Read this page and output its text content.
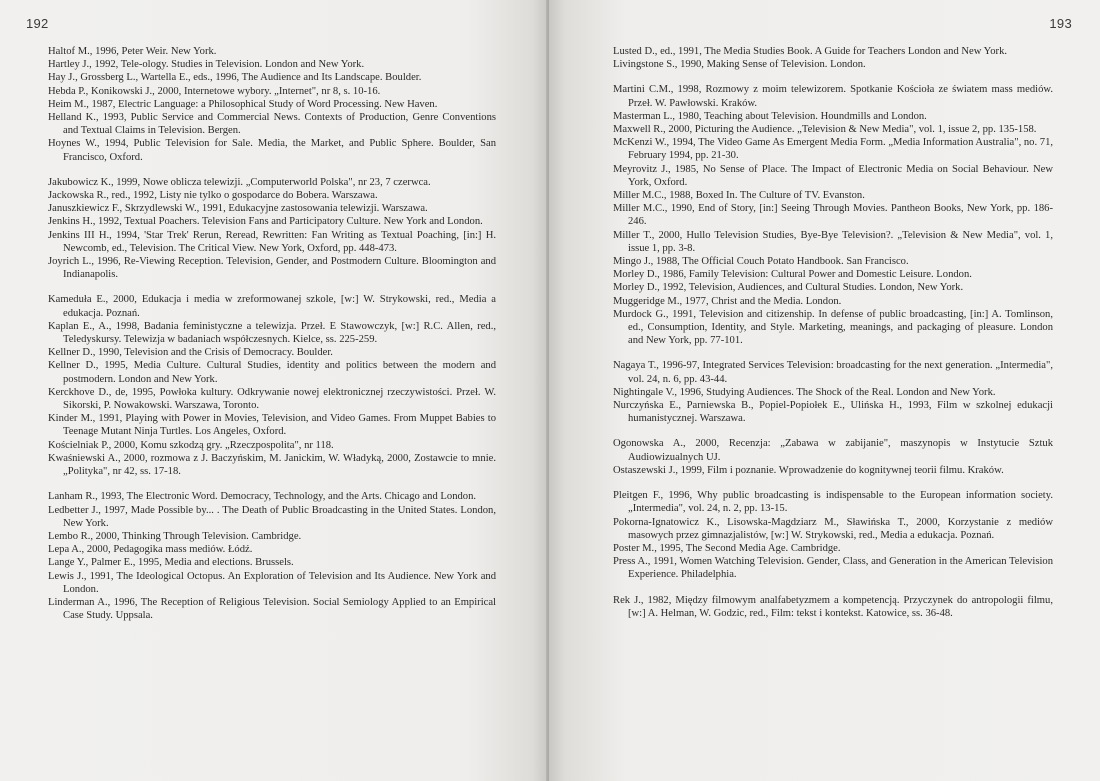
192

Haltof M., 1996, Peter Weir. New York.

Hartley J., 1992, Tele-ology. Studies in Television. London and New York.

Hay J., Grossberg L., Wartella E., eds., 1996, The Audience and Its Landscape. Boulder.

Hebda P., Konikowski J., 2000, Internetowe wybory. „Internet", nr 8, s. 10-16.

Heim M., 1987, Electric Language: a Philosophical Study of Word Processing. New Haven.

Helland K., 1993, Public Service and Commercial News. Contexts of Production, Genre Conventions and Textual Claims in Television. Bergen.

Hoynes W., 1994, Public Television for Sale. Media, the Market, and Public Sphere. Boulder, San Francisco, Oxford.

Jakubowicz K., 1999, Nowe oblicza telewizji. „Computerworld Polska", nr 23, 7 czerwca.

Jackowska R., red., 1992, Listy nie tylko o gospodarce do Bobera. Warszawa.

Januszkiewicz F., Skrzydlewski W., 1991, Edukacyjne zastosowania telewizji. Warszawa.

Jenkins H., 1992, Textual Poachers. Television Fans and Participatory Culture. New York and London.

Jenkins III H., 1994, 'Star Trek' Rerun, Reread, Rewritten: Fan Writing as Textual Poaching, [in:] H. Newcomb, ed., Television. The Critical View. New York, Oxford, pp. 448-473.

Joyrich L., 1996, Re-Viewing Reception. Television, Gender, and Postmodern Culture. Bloomington and Indianapolis.

Kameduła E., 2000, Edukacja i media w zreformowanej szkole, [w:] W. Strykowski, red., Media a edukacja. Poznań.

Kaplan E., A., 1998, Badania feministyczne a telewizja. Przeł. E Stawowczyk, [w:] R.C. Allen, red., Teledyskursy. Telewizja w badaniach współczesnych. Kielce, ss. 225-259.

Kellner D., 1990, Television and the Crisis of Democracy. Boulder.

Kellner D., 1995, Media Culture. Cultural Studies, identity and politics between the modern and postmodern. London and New York.

Kerckhove D., de, 1995, Powłoka kultury. Odkrywanie nowej elektronicznej rzeczywistości. Przeł. W. Sikorski, P. Nowakowski. Warszawa, Toronto.

Kinder M., 1991, Playing with Power in Movies, Television, and Video Games. From Muppet Babies to Teenage Mutant Ninja Turtles. Los Angeles, Oxford.

Kościelniak P., 2000, Komu szkodzą gry. „Rzeczpospolita", nr 118.

Kwaśniewski A., 2000, rozmowa z J. Baczyńskim, M. Janickim, W. Władyką, 2000, Zostawcie to mnie. „Polityka", nr 42, ss. 17-18.

Lanham R., 1993, The Electronic Word. Democracy, Technology, and the Arts. Chicago and London.

Ledbetter J., 1997, Made Possible by... . The Death of Public Broadcasting in the United States. London, New York.

Lembo R., 2000, Thinking Through Television. Cambridge.

Lepa A., 2000, Pedagogika mass mediów. Łódź.

Lange Y., Palmer E., 1995, Media and elections. Brussels.

Lewis J., 1991, The Ideological Octopus. An Exploration of Television and Its Audience. New York and London.

Linderman A., 1996, The Reception of Religious Television. Social Semiology Applied to an Empirical Case Study. Uppsala.

193

Lusted D., ed., 1991, The Media Studies Book. A Guide for Teachers London and New York.

Livingstone S., 1990, Making Sense of Television. London.

Martini C.M., 1998, Rozmowy z moim telewizorem. Spotkanie Kościoła ze światem mass mediów. Przeł. W. Pawłowski. Kraków.

Masterman L., 1980, Teaching about Television. Houndmills and London.

Maxwell R., 2000, Picturing the Audience. „Television & New Media", vol. 1, issue 2, pp. 135-158.

McKenzi W., 1994, The Video Game As Emergent Media Form. „Media Information Australia", no. 71, February 1994, pp. 21-30.

Meyrovitz J., 1985, No Sense of Place. The Impact of Electronic Media on Social Behaviour. New York, Oxford.

Miller M.C., 1988, Boxed In. The Culture of TV. Evanston.

Miller M.C., 1990, End of Story, [in:] Seeing Through Movies. Pantheon Books, New York, pp. 186-246.

Miller T., 2000, Hullo Television Studies, Bye-Bye Television?. „Television & New Media", vol. 1, issue 1, pp. 3-8.

Mingo J., 1988, The Official Couch Potato Handbook. San Francisco.

Morley D., 1986, Family Television: Cultural Power and Domestic Leisure. London.

Morley D., 1992, Television, Audiences, and Cultural Studies. London, New York.

Muggeridge M., 1977, Christ and the Media. London.

Murdock G., 1991, Television and citizenship. In defense of public broadcasting, [in:] A. Tomlinson, ed., Consumption, Identity, and Style. Marketing, meanings, and packaging of pleasure. London and New York, pp. 77-101.

Nagaya T., 1996-97, Integrated Services Television: broadcasting for the next generation. „Intermedia", vol. 24, n. 6, pp. 43-44.

Nightingale V., 1996, Studying Audiences. The Shock of the Real. London and New York.

Nurczyńska E., Parniewska B., Popiel-Popiołek E., Ulińska H., 1993, Film w szkolnej edukacji humanistycznej. Warszawa.

Ogonowska A., 2000, Recenzja: „Zabawa w zabijanie", maszynopis w Instytucie Sztuk Audiowizualnych UJ.

Ostaszewski J., 1999, Film i poznanie. Wprowadzenie do kognitywnej teorii filmu. Kraków.

Pleitgen F., 1996, Why public broadcasting is indispensable to the European information society. „Intermedia", vol. 24, n. 2, pp. 13-15.

Pokorna-Ignatowicz K., Lisowska-Magdziarz M., Sławińska T., 2000, Korzystanie z mediów masowych przez gimnazjalistów, [w:] W. Strykowski, red., Media a edukacja. Poznań.

Poster M., 1995, The Second Media Age. Cambridge.

Press A., 1991, Women Watching Television. Gender, Class, and Generation in the American Television Experience. Philadelphia.

Rek J., 1982, Między filmowym analfabetyzmem a kompetencją. Przyczynek do antropologii filmu, [w:] A. Helman, W. Godzic, red., Film: tekst i kontekst. Katowice, ss. 36-48.
